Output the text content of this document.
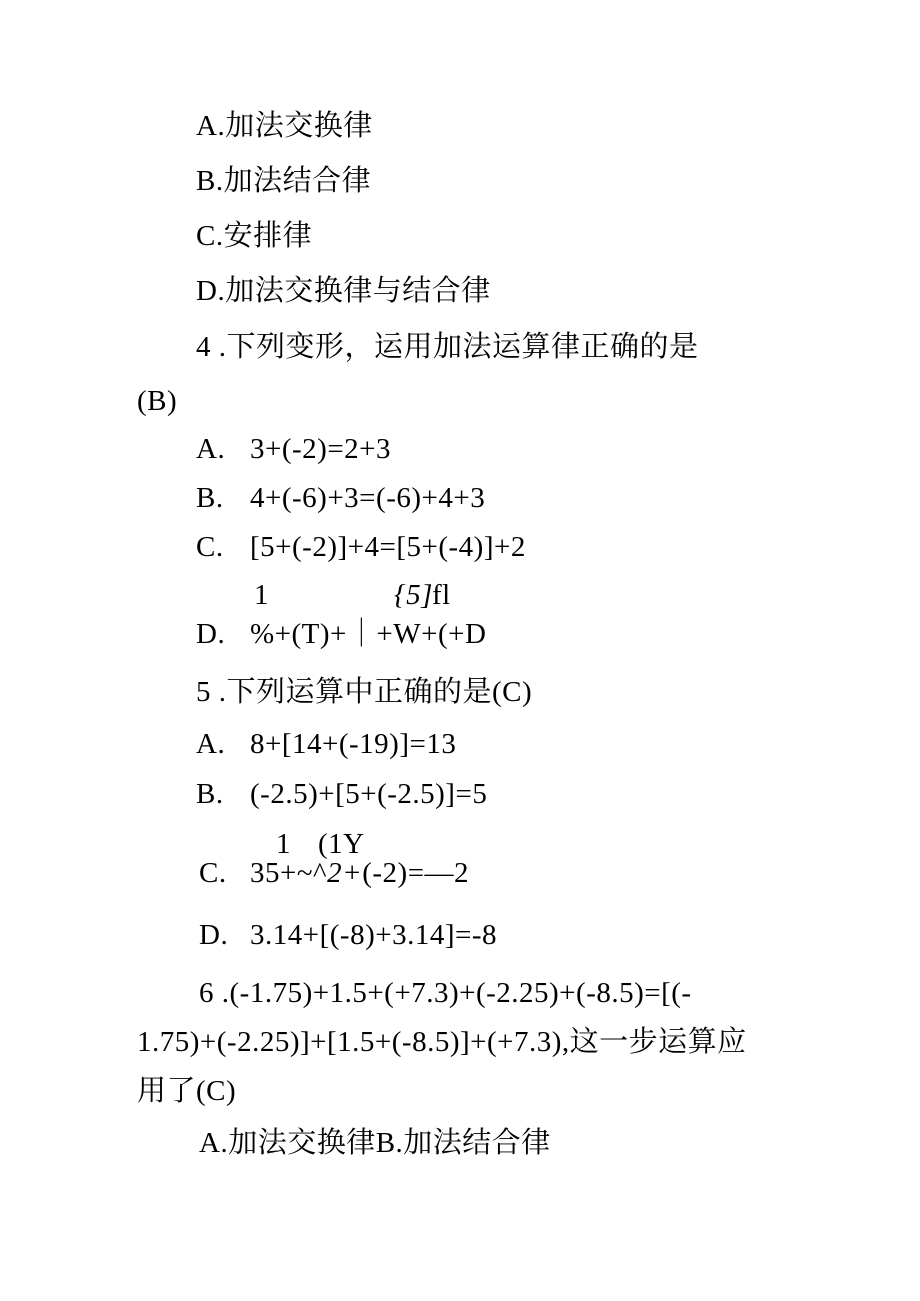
A.加法交换律
B.加法结合律
C.安排律
D.加法交换律与结合律
4 .下列变形，运用加法运算律正确的是
(B)
A. 3+(-2)=2+3
B. 4+(-6)+3=(-6)+4+3
C. [5+(-2)]+4=[5+(-4)]+2
1	{5] fl
D. %+(T)+｜+W+(+D
5 .下列运算中正确的是(C)
A. 8+[14+(-19)]=13
B. (-2.5)+[5+(-2.5)]=5
1 (1Y
C. 35+~^2+(-2)=—2
D. 3.14+[(-8)+3.14]=-8
6 .(-1.75)+1.5+(+7.3)+(-2.25)+(-8.5)=[(-
1.75)+(-2.25)]+[1.5+(-8.5)]+(+7.3),这一步运算应
用了(C)
A.加法交换律B.加法结合律
